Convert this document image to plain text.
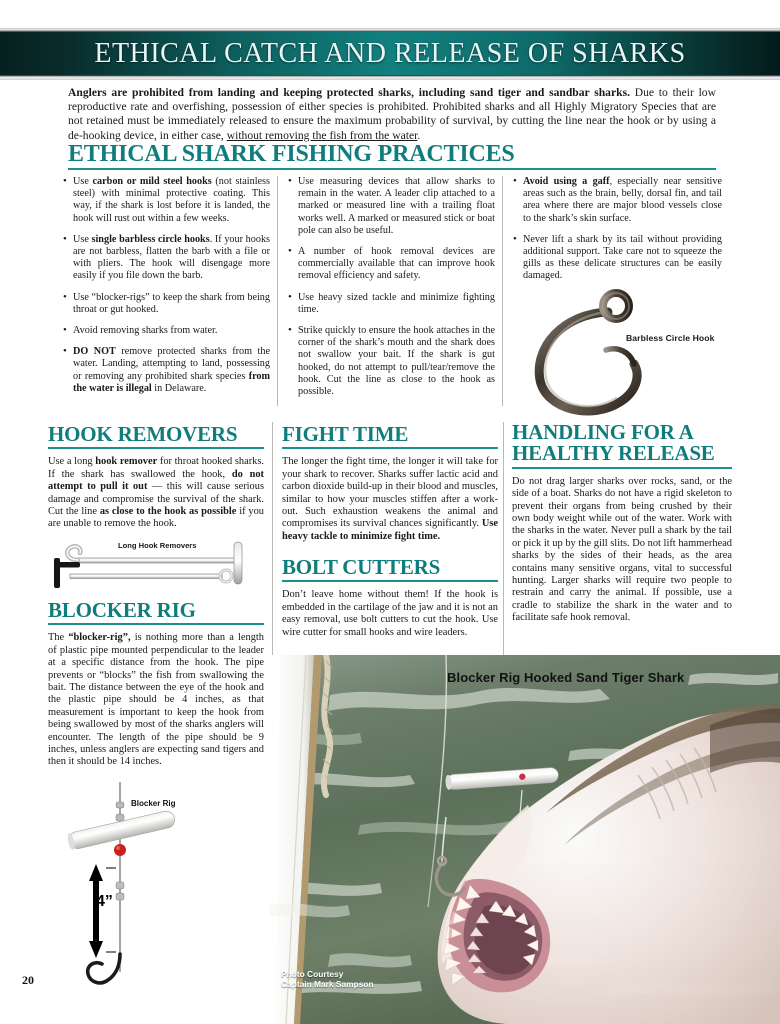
ETHICAL CATCH AND RELEASE OF SHARKS
Anglers are prohibited from landing and keeping protected sharks, including sand tiger and sandbar sharks. Due to their low reproductive rate and overfishing, possession of either species is prohibited. Prohibited sharks and all Highly Migratory Species that are not retained must be immediately released to ensure the maximum probability of survival, by cutting the line near the hook or by using a de-hooking device, in either case, without removing the fish from the water.
ETHICAL SHARK FISHING PRACTICES
• Use carbon or mild steel hooks (not stainless steel) with minimal protective coating. This way, if the shark is lost before it is landed, the hook will rust out within a few weeks.
• Use single barbless circle hooks. If your hooks are not barbless, flatten the barb with a file or with pliers. The hook will disengage more easily if you file down the barb.
• Use “blocker-rigs” to keep the shark from being throat or gut hooked.
• Avoid removing sharks from water.
• DO NOT remove protected sharks from the water. Landing, attempting to land, possessing or removing any prohibited shark species from the water is illegal in Delaware.
• Use measuring devices that allow sharks to remain in the water. A leader clip attached to a marked or measured line with a trailing float works well. A marked or measured stick or boat pole can also be useful.
• A number of hook removal devices are commercially available that can improve hook removal efficiency and safety.
• Use heavy sized tackle and minimize fighting time.
• Strike quickly to ensure the hook attaches in the corner of the shark’s mouth and the shark does not swallow your bait. If the shark is gut hooked, do not attempt to pull/tear/remove the hook. Cut the line as close to the hook as possible.
• Avoid using a gaff, especially near sensitive areas such as the brain, belly, dorsal fin, and tail area where there are major blood vessels close to the shark’s skin surface.
• Never lift a shark by its tail without providing additional support. Take care not to squeeze the gills as these delicate structures can be easily damaged.
Barbless Circle Hook
HOOK REMOVERS

Use a long hook remover for throat hooked sharks. If the shark has swallowed the hook, do not attempt to pull it out — this will cause serious damage and compromise the survival of the shark. Cut the line as close to the hook as possible if you are unable to remove the hook.

Long Hook Removers
BLOCKER RIG

The “blocker-rig”, is nothing more than a length of plastic pipe mounted perpendicular to the leader at a specific distance from the hook. The pipe prevents or “blocks” the fish from swallowing the bait. The distance between the eye of the hook and the plastic pipe should be 4 inches, as that measurement is important to keep the hook from being swallowed by most of the sharks anglers will encounter. The length of the pipe should be 9 inches, unless anglers are expecting sand tigers and then it should be 14 inches.

FIGHT TIME

The longer the fight time, the longer it will take for your shark to recover. Sharks suffer lactic acid and carbon dioxide build-up in their blood and muscles, similar to how your muscles stiffen after a work-out. Such exhaustion weakens the animal and compromises its survival chances significantly. Use heavy tackle to minimize fight time.

BOLT CUTTERS

Don’t leave home without them! If the hook is embedded in the cartilage of the jaw and it is not an easy removal, use bolt cutters to cut the hook. Use wire cutter for small hooks and wire leaders.

HANDLING FOR A
HEALTHY RELEASE

Do not drag larger sharks over rocks, sand, or the side of a boat. Sharks do not have a rigid skeleton to prevent their organs from being crushed by their own body weight while out of the water. Work with the sharks in the water. Never pull a shark by the tail or pick it up by the gill slits. Do not lift hammerhead sharks by the sides of their heads, as the area contains many sensitive organs, vital to successful hunting. Larger sharks will require two people to restrain and carry the animal. If possible, use a cradle to stabilize the shark in the water and to facilitate safe hook removal.

Blocker Rig Hooked Sand Tiger Shark
Photo Courtesy
Captain Mark Sampson
Blocker Rig
4”
20
